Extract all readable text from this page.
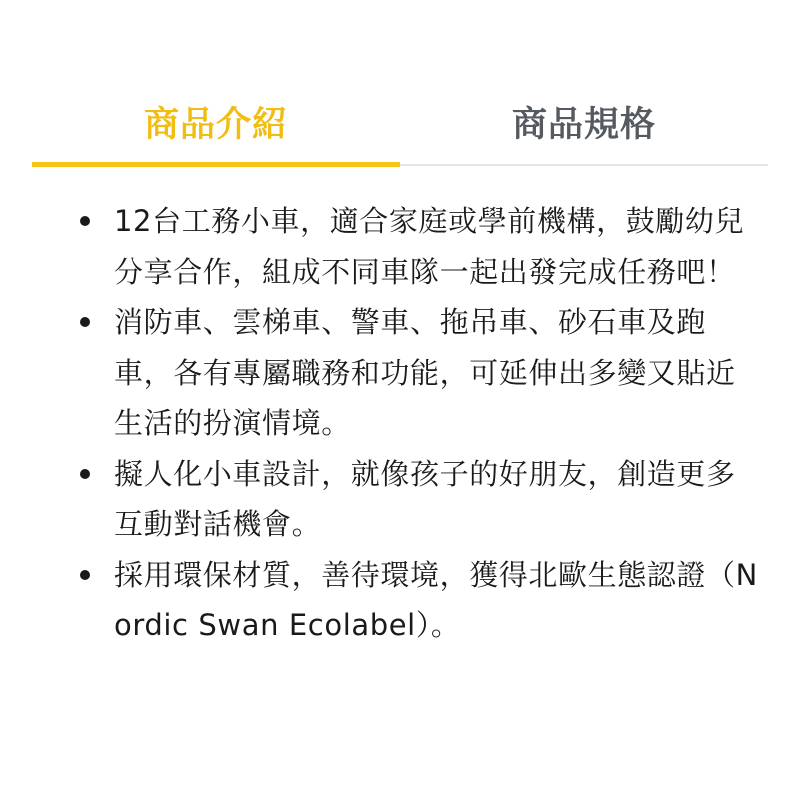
商品介紹	商品規格
12台工務小車，適合家庭或學前機構，鼓勵幼兒分享合作，組成不同車隊一起出發完成任務吧！
消防車、雲梯車、警車、拖吊車、砂石車及跑車，各有專屬職務和功能，可延伸出多變又貼近生活的扮演情境。
擬人化小車設計，就像孩子的好朋友，創造更多互動對話機會。
採用環保材質，善待環境，獲得北歐生態認證（Nordic Swan Ecolabel）。
